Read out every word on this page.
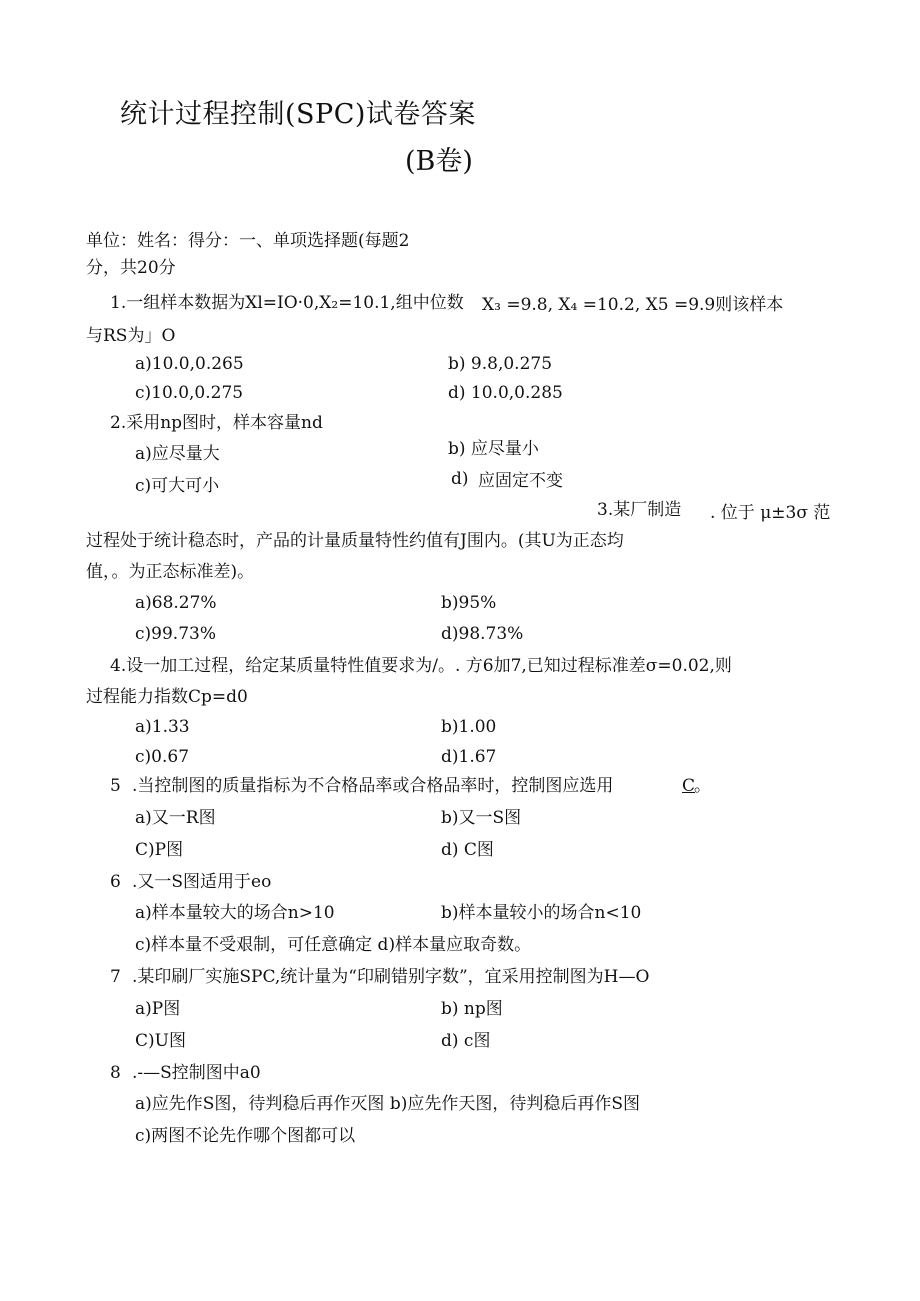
统计过程控制(SPC)试卷答案
(B卷)
单位：姓名：得分：一、单项选择题(每题2
分，共20分
1.一组样本数据为Xl=IO·0,X₂=10.1,组中位数 X₃ =9.8, X₄ =10.2, X5 =9.9则该样本
与RS为」O
a)10.0,0.265	b) 9.8,0.275
c)10.0,0.275	d) 10.0,0.285
2.采用np图时，样本容量nd
a)应尽量大	b) 应尽量小
c)可大可小	d) 应固定不变
3.某厂制造 . 位于 μ±3σ 范
过程处于统计稳态时，产品的计量质量特性约值有J围内。(其U为正态均
值，。为正态标准差)。
a)68.27%	b)95%
c)99.73%	d)98.73%
4.设一加工过程，给定某质量特性值要求为/。. 方6加7,已知过程标准差σ=0.02,则
过程能力指数Cp=d0
a)1.33	b)1.00
c)0.67	d)1.67
5 .当控制图的质量指标为不合格品率或合格品率时，控制图应选用	C
。
a)又一R图	b)又一S图
C)P图	d) C图
6 .又一S图适用于eo
a)样本量较大的场合n>10	b)样本量较小的场合n<10
c)样本量不受艰制，可任意确定 d)样本量应取奇数。
7 .某印刷厂实施SPC,统计量为“印刷错别字数”，宜采用控制图为H—O
a)P图	b) np图
C)U图	d) c图
8 .-—S控制图中a0
a)应先作S图，待判稳后再作灭图 b)应先作天图，待判稳后再作S图
c)两图不论先作哪个图都可以
